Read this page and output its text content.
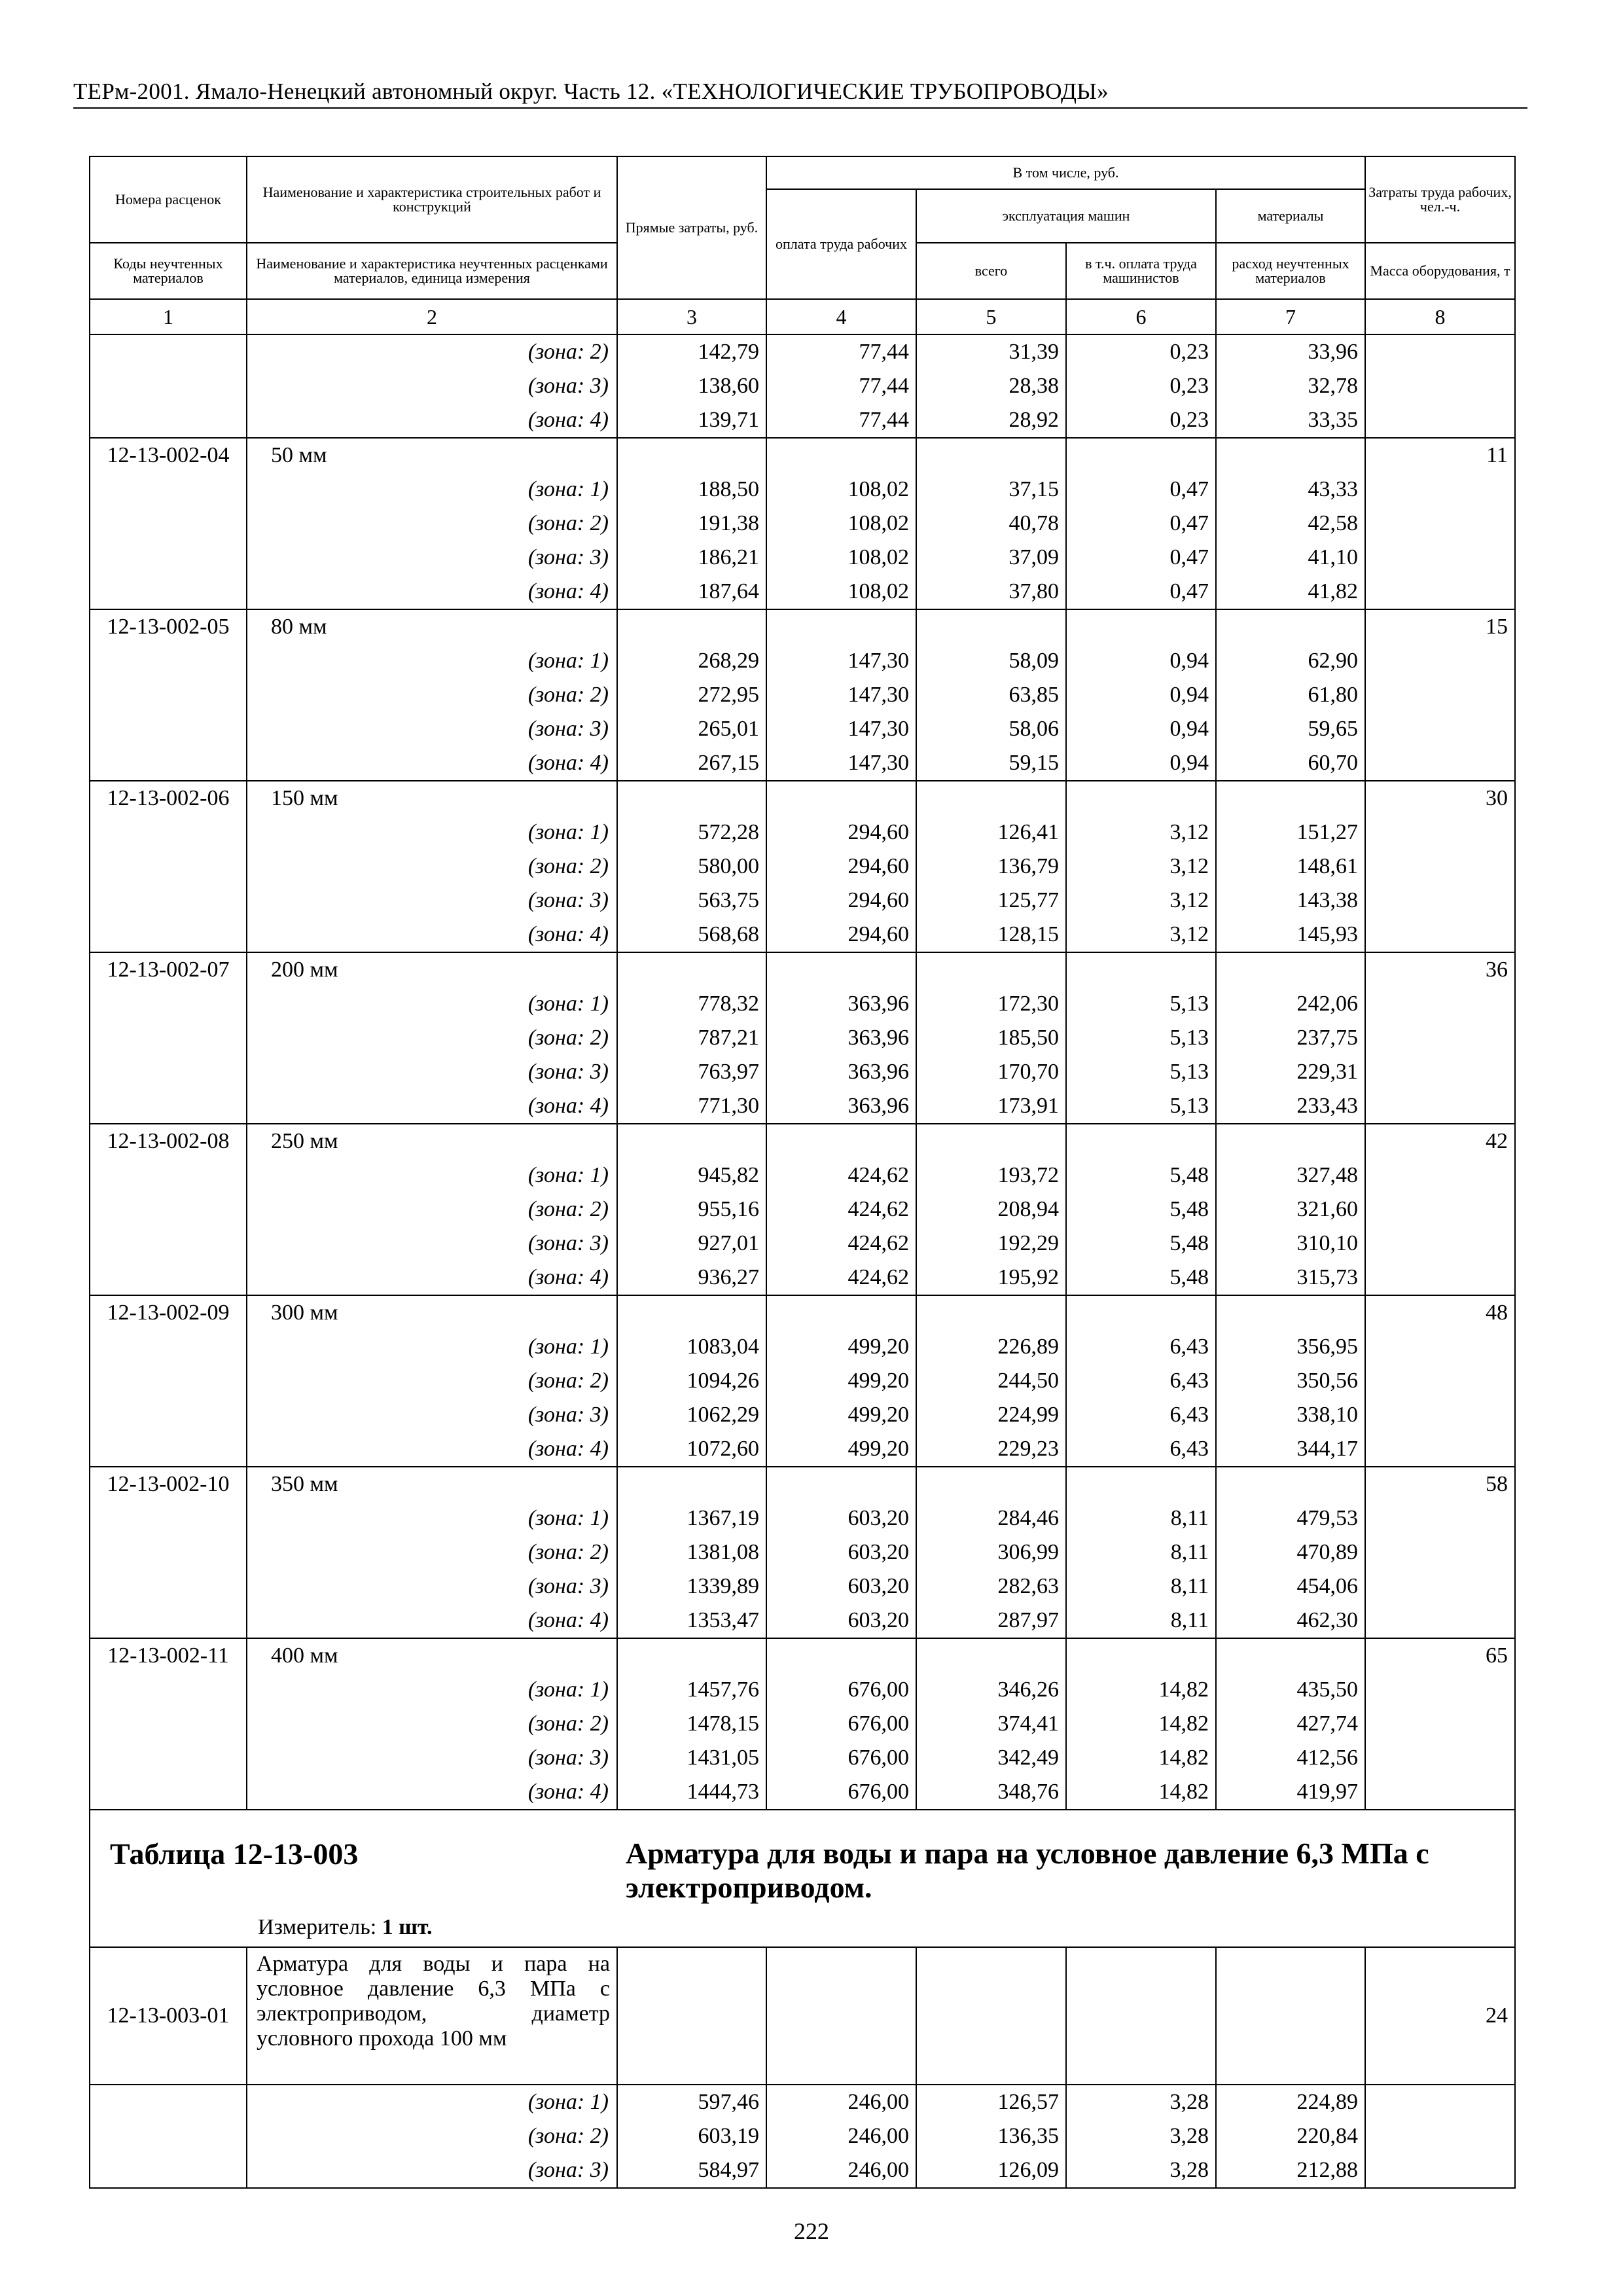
ТЕРм-2001. Ямало-Ненецкий автономный округ. Часть 12. «ТЕХНОЛОГИЧЕСКИЕ ТРУБОПРОВОДЫ»
Номера расценок	Наименование и характеристика строительных работ и конструкций	Прямые затраты, руб.	В том числе, руб.				Затраты труда рабочих, чел.-ч.
			оплата труда рабочих	эксплуатация машин		материалы	
Коды неучтенных материалов	Наименование и характеристика неучтенных расценками материалов, единица измерения			всего	в т.ч. оплата труда машинистов	расход неучтенных материалов	Масса оборудования, т
1	2	3	4	5	6	7	8
	(зона: 2)	142,79	77,44	31,39	0,23	33,96	
	(зона: 3)	138,60	77,44	28,38	0,23	32,78	
	(зона: 4)	139,71	77,44	28,92	0,23	33,35	
12-13-002-04	50 мм						11
	(зона: 1)	188,50	108,02	37,15	0,47	43,33	
	(зона: 2)	191,38	108,02	40,78	0,47	42,58	
	(зона: 3)	186,21	108,02	37,09	0,47	41,10	
	(зона: 4)	187,64	108,02	37,80	0,47	41,82	
12-13-002-05	80 мм						15
	(зона: 1)	268,29	147,30	58,09	0,94	62,90	
	(зона: 2)	272,95	147,30	63,85	0,94	61,80	
	(зона: 3)	265,01	147,30	58,06	0,94	59,65	
	(зона: 4)	267,15	147,30	59,15	0,94	60,70	
12-13-002-06	150 мм						30
	(зона: 1)	572,28	294,60	126,41	3,12	151,27	
	(зона: 2)	580,00	294,60	136,79	3,12	148,61	
	(зона: 3)	563,75	294,60	125,77	3,12	143,38	
	(зона: 4)	568,68	294,60	128,15	3,12	145,93	
12-13-002-07	200 мм						36
	(зона: 1)	778,32	363,96	172,30	5,13	242,06	
	(зона: 2)	787,21	363,96	185,50	5,13	237,75	
	(зона: 3)	763,97	363,96	170,70	5,13	229,31	
	(зона: 4)	771,30	363,96	173,91	5,13	233,43	
12-13-002-08	250 мм						42
	(зона: 1)	945,82	424,62	193,72	5,48	327,48	
	(зона: 2)	955,16	424,62	208,94	5,48	321,60	
	(зона: 3)	927,01	424,62	192,29	5,48	310,10	
	(зона: 4)	936,27	424,62	195,92	5,48	315,73	
12-13-002-09	300 мм						48
	(зона: 1)	1083,04	499,20	226,89	6,43	356,95	
	(зона: 2)	1094,26	499,20	244,50	6,43	350,56	
	(зона: 3)	1062,29	499,20	224,99	6,43	338,10	
	(зона: 4)	1072,60	499,20	229,23	6,43	344,17	
12-13-002-10	350 мм						58
	(зона: 1)	1367,19	603,20	284,46	8,11	479,53	
	(зона: 2)	1381,08	603,20	306,99	8,11	470,89	
	(зона: 3)	1339,89	603,20	282,63	8,11	454,06	
	(зона: 4)	1353,47	603,20	287,97	8,11	462,30	
12-13-002-11	400 мм						65
	(зона: 1)	1457,76	676,00	346,26	14,82	435,50	
	(зона: 2)	1478,15	676,00	374,41	14,82	427,74	
	(зона: 3)	1431,05	676,00	342,49	14,82	412,56	
	(зона: 4)	1444,73	676,00	348,76	14,82	419,97	

Таблица 12-13-003 Арматура для воды и пара на условное давление 6,3 МПа с электроприводом.
Измеритель: 1 шт.							

12-13-003-01	Арматура для воды и пара на условное давление 6,3 МПа с электроприводом, диаметр условного прохода 100 мм						24
	(зона: 1)	597,46	246,00	126,57	3,28	224,89	
	(зона: 2)	603,19	246,00	136,35	3,28	220,84	
	(зона: 3)	584,97	246,00	126,09	3,28	212,88	
222
